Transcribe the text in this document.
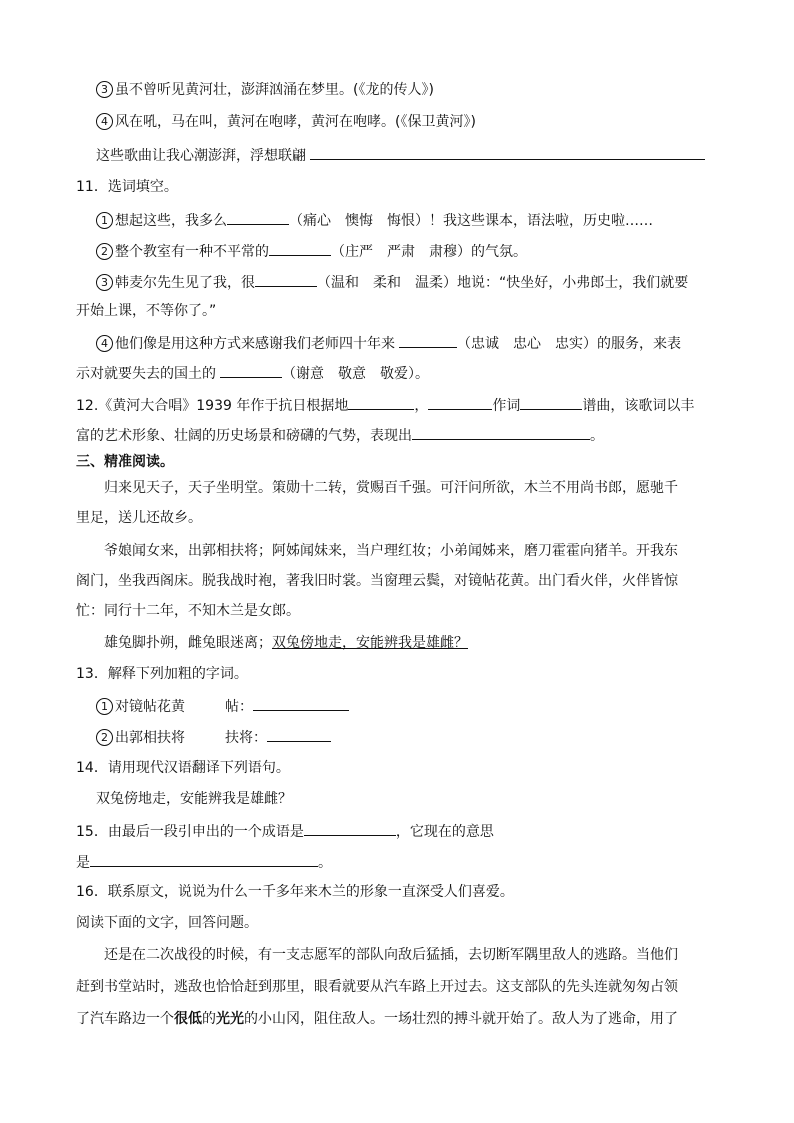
3 虽不曾听见黄河壮，澎湃汹涌在梦里。(《龙的传人》)
4 风在吼，马在叫，黄河在咆哮，黄河在咆哮。(《保卫黄河》)
这些歌曲让我心潮澎湃，浮想联翩
11．选词填空。
1 想起这些，我多么	（痛心　懊悔　悔恨）！我这些课本，语法啦，历史啦……
2 整个教室有一种不平常的	（庄严　严肃　肃穆）的气氛。
3 韩麦尔先生见了我，很	（温和　柔和　温柔）地说：“快坐好，小弗郎士，我们就要
开始上课，不等你了。”
4 他们像是用这种方式来感谢我们老师四十年来	（忠诚　忠心　忠实）的服务，来表
示对就要失去的国土的	（谢意　敬意　敬爱）。
12.《黄河大合唱》1939 年作于抗日根据地	，	作词	谱曲，该歌词以丰
富的艺术形象、壮阔的历史场景和磅礴的气势，表现出	。
三、精准阅读。
归来见天子，天子坐明堂。策勋十二转，赏赐百千强。可汗问所欲，木兰不用尚书郎，愿驰千
里足，送儿还故乡。
爷娘闻女来，出郭相扶将；阿姊闻妹来，当户理红妆；小弟闻姊来，磨刀霍霍向猪羊。开我东
阁门，坐我西阁床。脱我战时袍，著我旧时裳。当窗理云鬓，对镜帖花黄。出门看火伴，火伴皆惊
忙：同行十二年，不知木兰是女郎。
雄兔脚扑朔，雌兔眼迷离；双兔傍地走，安能辨我是雄雌？
13．解释下列加粗的字词。
1 对镜帖花黄	帖：
2 出郭相扶将	扶将：
14．请用现代汉语翻译下列语句。
双兔傍地走，安能辨我是雄雌？
15．由最后一段引申出的一个成语是	，它现在的意思
是	。
16．联系原文，说说为什么一千多年来木兰的形象一直深受人们喜爱。
阅读下面的文字，回答问题。
还是在二次战役的时候，有一支志愿军的部队向敌后猛插，去切断军隅里敌人的逃路。当他们
赶到书堂站时，逃敌也恰恰赶到那里，眼看就要从汽车路上开过去。这支部队的先头连就匆匆占领
了汽车路边一个很低的光光的小山冈，阻住敌人。一场壮烈的搏斗就开始了。敌人为了逃命，用了
